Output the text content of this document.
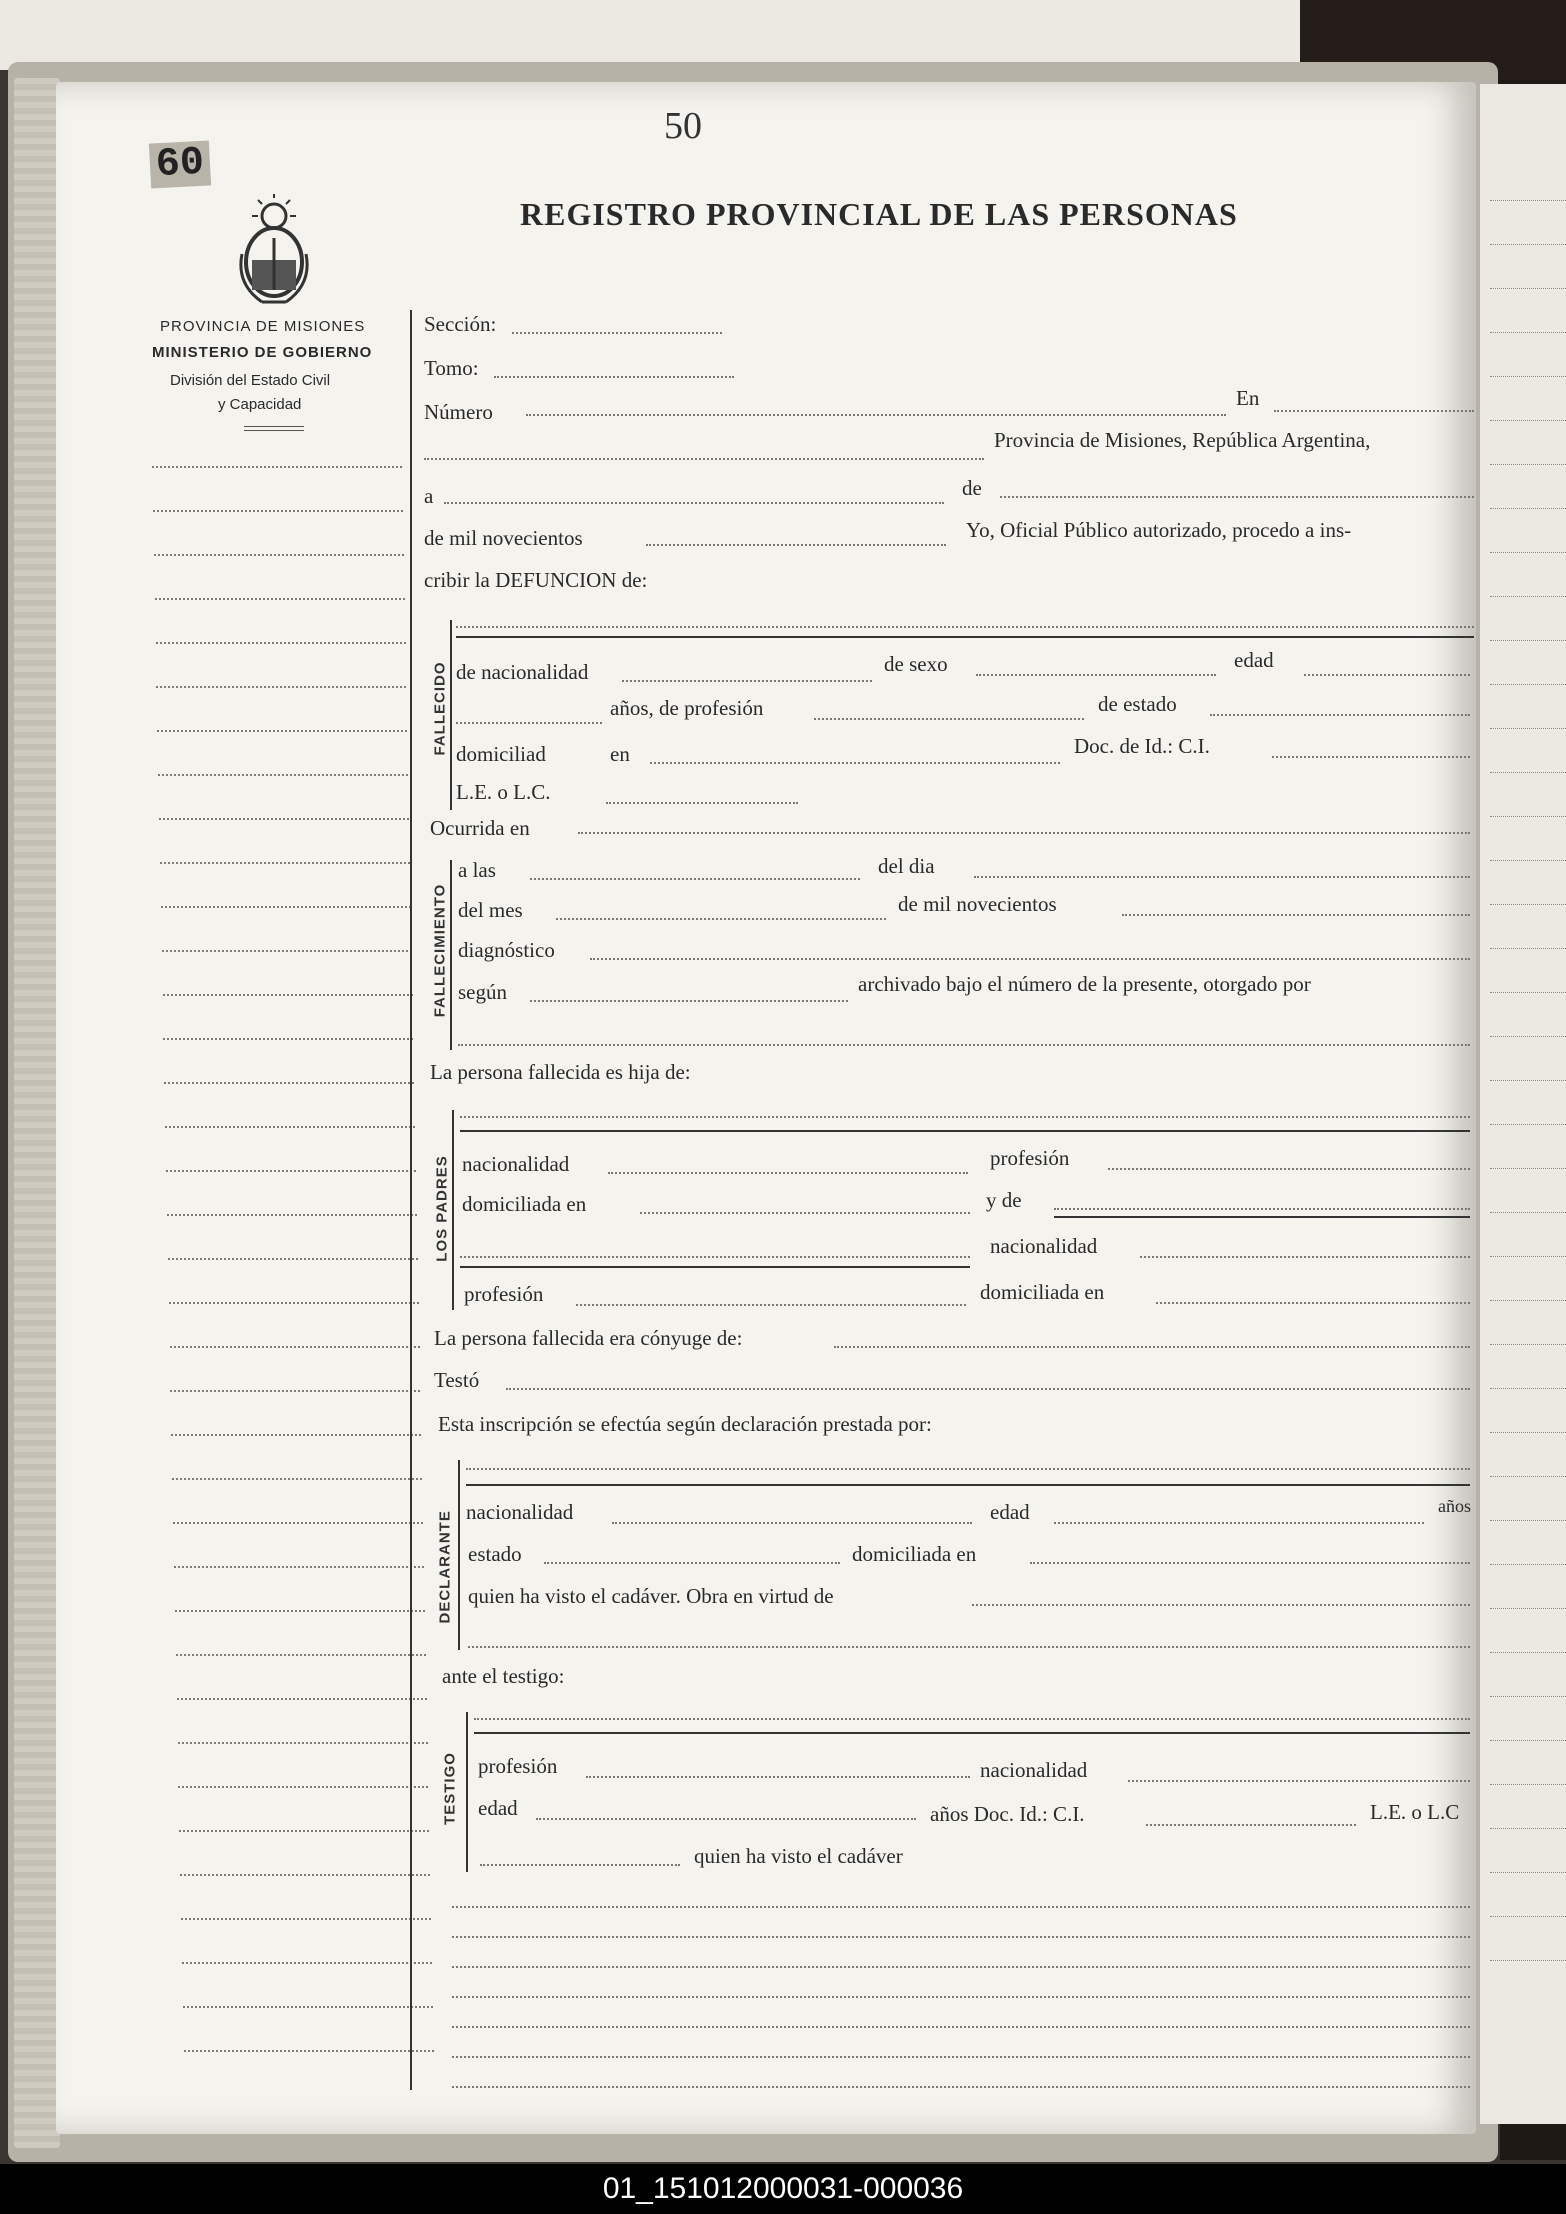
60
50
REGISTRO PROVINCIAL DE LAS PERSONAS
PROVINCIA DE MISIONES
MINISTERIO DE GOBIERNO
División del Estado Civil
y Capacidad
Sección:
Tomo:
Número
En
Provincia de Misiones, República Argentina,
a	de
de mil novecientos	Yo, Oficial Público autorizado, procedo a ins-
cribir la DEFUNCION de:
FALLECIDO de nacionalidad	de sexo	edad
años, de profesión	de estado
domiciliad	en	Doc. de Id.: C.I.
L.E. o L.C.
Ocurrida en
FALLECIMIENTO
a las	del dia
del mes	de mil novecientos
diagnóstico
según	archivado bajo el número de la presente, otorgado por
La persona fallecida es hija de:
LOS PADRES nacionalidad	profesión
domiciliada en	y de
nacionalidad
profesión	domiciliada en
La persona fallecida era cónyuge de:
Testó
Esta inscripción se efectúa según declaración prestada por:
DECLARANTE nacionalidad	edad	años
estado	domiciliada en
quien ha visto el cadáver. Obra en virtud de
ante el testigo:
TESTIGO profesión	nacionalidad
edad	años Doc. Id.: C.I.	L.E. o L.C
quien ha visto el cadáver
01_151012000031-000036
